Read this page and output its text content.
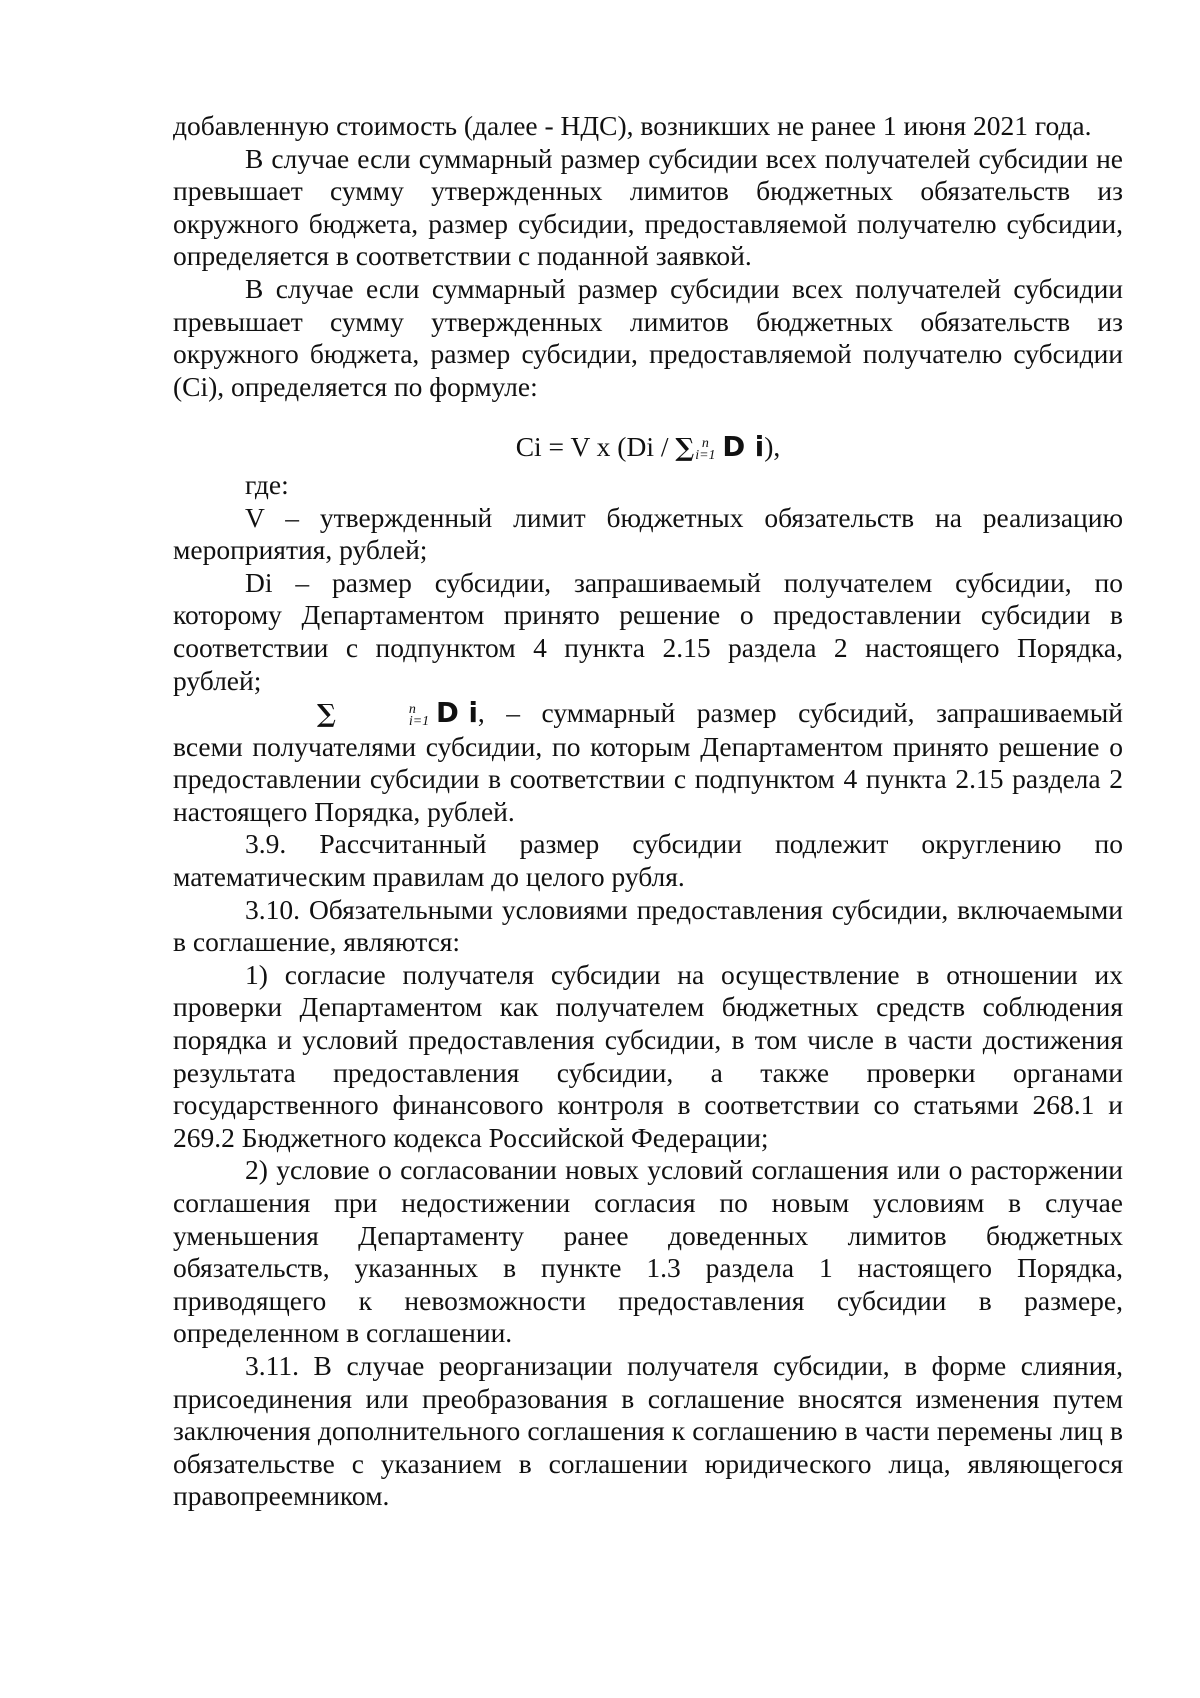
добавленную стоимость (далее - НДС), возникших не ранее 1 июня 2021 года.

В случае если суммарный размер субсидии всех получателей субсидии не превышает сумму утвержденных лимитов бюджетных обязательств из окружного бюджета, размер субсидии, предоставляемой получателю субсидии, определяется в соответствии с поданной заявкой.

В случае если суммарный размер субсидии всех получателей субсидии превышает сумму утвержденных лимитов бюджетных обязательств из окружного бюджета, размер субсидии, предоставляемой получателю субсидии (Ci), определяется по формуле:

Ci = V x (Di / ∑ n
i=1 D i),

где:

V – утвержденный лимит бюджетных обязательств на реализацию мероприятия, рублей;

Di – размер субсидии, запрашиваемый получателем субсидии, по которому Департаментом принято решение о предоставлении субсидии в соответствии с подпунктом 4 пункта 2.15 раздела 2 настоящего Порядка, рублей;

∑	n
i=1 D i, – суммарный размер субсидий, запрашиваемый всеми получателями субсидии, по которым Департаментом принято решение о предоставлении субсидии в соответствии с подпунктом 4 пункта 2.15 раздела 2 настоящего Порядка, рублей.

3.9. Рассчитанный размер субсидии подлежит округлению по математическим правилам до целого рубля.

3.10. Обязательными условиями предоставления субсидии, включаемыми в соглашение, являются:

1) согласие получателя субсидии на осуществление в отношении их проверки Департаментом как получателем бюджетных средств соблюдения порядка и условий предоставления субсидии, в том числе в части достижения результата предоставления субсидии, а также проверки органами государственного финансового контроля в соответствии со статьями 268.1 и 269.2 Бюджетного кодекса Российской Федерации;

2) условие о согласовании новых условий соглашения или о расторжении соглашения при недостижении согласия по новым условиям в случае уменьшения Департаменту ранее доведенных лимитов бюджетных обязательств, указанных в пункте 1.3 раздела 1 настоящего Порядка, приводящего к невозможности предоставления субсидии в размере, определенном в соглашении.

3.11. В случае реорганизации получателя субсидии, в форме слияния, присоединения или преобразования в соглашение вносятся изменения путем заключения дополнительного соглашения к соглашению в части перемены лиц в обязательстве с указанием в соглашении юридического лица, являющегося правопреемником.
